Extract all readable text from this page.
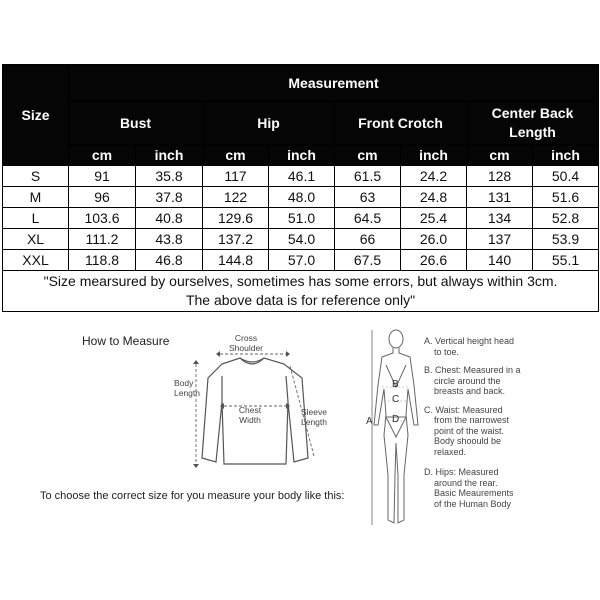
Size	Measurement							
	Bust		Hip		Front Crotch		Center Back Length	
	cm	inch	cm	inch	cm	inch	cm	inch
S	91	35.8	117	46.1	61.5	24.2	128	50.4
M	96	37.8	122	48.0	63	24.8	131	51.6
L	103.6	40.8	129.6	51.0	64.5	25.4	134	52.8
XL	111.2	43.8	137.2	54.0	66	26.0	137	53.9
XXL	118.8	46.8	144.8	57.0	67.5	26.6	140	55.1

"Size mearsured by ourselves, sometimes has some errors, but always within 3cm.
The above data is for reference only"								
How to Measure	Cross
Shoulder
Body
Length
Chest
Width
Sleeve
Length
To choose the correct size for you measure your body like this:
A
B
C
D
A. Vertical height head
to toe.
B. Chest: Measured in a
circle around the
breasts and back.
C. Waist: Measured
from the narrowest
point of the waist.
Body shoould be
relaxed.
D. Hips: Measured
around the rear.
Basic Meaurements
of the Human Body
